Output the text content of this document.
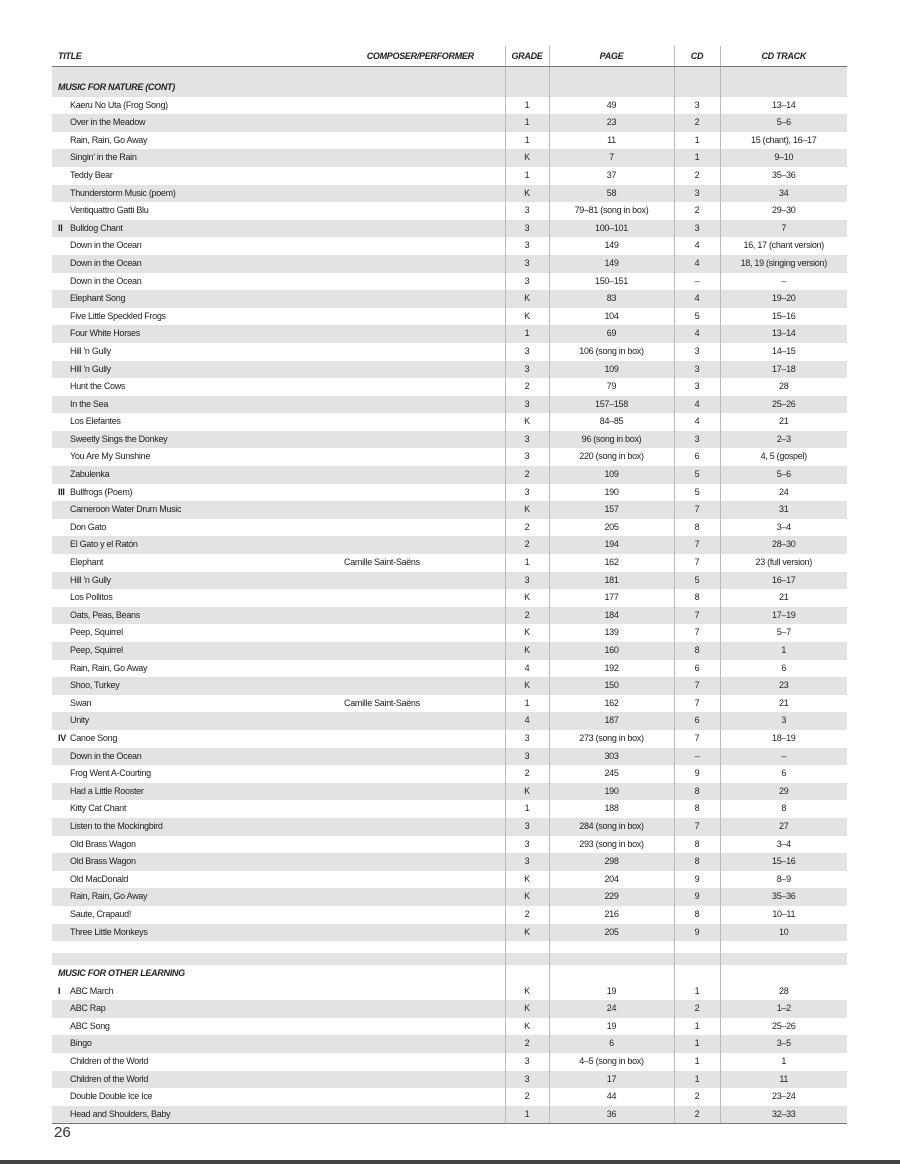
TITLE	COMPOSER/PERFORMER	GRADE	PAGE	CD	CD TRACK

MUSIC FOR NATURE (CONT)					
Kaeru No Uta (Frog Song)		1	49	3	13–14
Over in the Meadow		1	23	2	5–6
Rain, Rain, Go Away		1	11	1	15 (chant), 16–17
Singin' in the Rain		K	7	1	9–10
Teddy Bear		1	37	2	35–36
Thunderstorm Music (poem)		K	58	3	34
Ventiquattro Gatti Blu		3	79–81 (song in box)	2	29–30

II Bulldog Chant		3	100–101	3	7
Down in the Ocean		3	149	4	16, 17 (chant version)
Down in the Ocean		3	149	4	18, 19 (singing version)
Down in the Ocean		3	150–151	–	–
Elephant Song		K	83	4	19–20
Five Little Speckled Frogs		K	104	5	15–16
Four White Horses		1	69	4	13–14
Hill 'n Gully		3	106 (song in box)	3	14–15
Hill 'n Gully		3	109	3	17–18
Hunt the Cows		2	79	3	28
In the Sea		3	157–158	4	25–26
Los Elefantes		K	84–85	4	21
Sweetly Sings the Donkey		3	96 (song in box)	3	2–3
You Are My Sunshine		3	220 (song in box)	6	4, 5 (gospel)
Zabulenka		2	109	5	5–6

III Bullfrogs (Poem)		3	190	5	24
Cameroon Water Drum Music		K	157	7	31
Don Gato		2	205	8	3–4
El Gato y el Ratón		2	194	7	28–30
Elephant	Camille Saint-Saëns	1	162	7	23 (full version)
Hill 'n Gully		3	181	5	16–17
Los Pollitos		K	177	8	21
Oats, Peas, Beans		2	184	7	17–19
Peep, Squirrel		K	139	7	5–7
Peep, Squirrel		K	160	8	1
Rain, Rain, Go Away		4	192	6	6
Shoo, Turkey		K	150	7	23
Swan	Camille Saint-Saëns	1	162	7	21
Unity		4	187	6	3

IV Canoe Song		3	273 (song in box)	7	18–19
Down in the Ocean		3	303	–	–
Frog Went A-Courting		2	245	9	6
Had a Little Rooster		K	190	8	29
Kitty Cat Chant		1	188	8	8
Listen to the Mockingbird		3	284 (song in box)	7	27
Old Brass Wagon		3	293 (song in box)	8	3–4
Old Brass Wagon		3	298	8	15–16
Old MacDonald		K	204	9	8–9
Rain, Rain, Go Away		K	229	9	35–36
Saute, Crapaud!		2	216	8	10–11
Three Little Monkeys		K	205	9	10

MUSIC FOR OTHER LEARNING					

I ABC March		K	19	1	28
ABC Rap		K	24	2	1–2
ABC Song		K	19	1	25–26
Bingo		2	6	1	3–5
Children of the World		3	4–5 (song in box)	1	1
Children of the World		3	17	1	11
Double Double Ice Ice		2	44	2	23–24
Head and Shoulders, Baby		1	36	2	32–33
26
